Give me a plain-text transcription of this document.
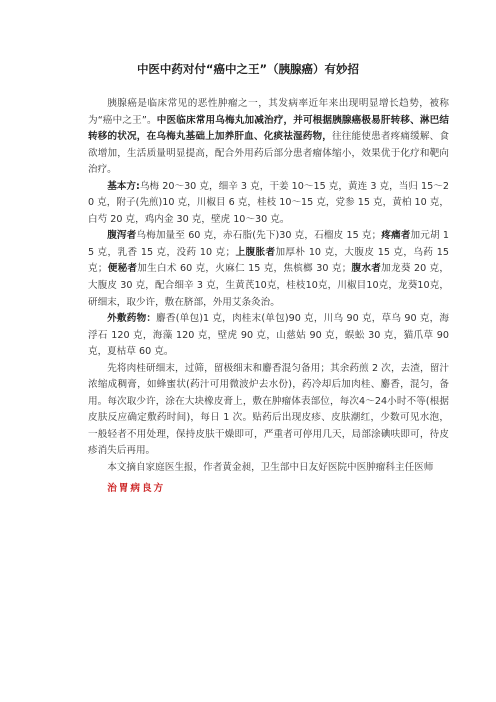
中医中药对付“癌中之王”（胰腺癌）有妙招

胰腺癌是临床常见的恶性肿瘤之一，其发病率近年来出现明显增长趋势，被称为“癌中之王”。中医临床常用乌梅丸加减治疗，并可根据胰腺癌极易肝转移、淋巴结转移的状况，在乌梅丸基础上加养肝血、化痰祛湿药物，往往能使患者疼痛缓解、食欲增加，生活质量明显提高，配合外用药后部分患者瘤体缩小，效果优于化疗和靶向治疗。

基本方:乌梅 20～30 克，细辛 3 克，干姜 10～15 克，黄连 3 克，当归 15～20 克，附子(先煎)10 克，川椒目 6 克，桂枝 10～15 克，党参 15 克，黄柏 10 克，白芍 20 克，鸡内金 30 克，壁虎 10～30 克。

腹泻者乌梅加量至 60 克，赤石脂(先下)30 克，石榴皮 15 克；疼痛者加元胡 15 克，乳香 15 克，没药 10 克；上腹胀者加厚朴 10 克，大腹皮 15 克，乌药 15 克；便秘者加生白术 60 克，火麻仁 15 克，焦槟榔 30 克；腹水者加龙葵 20 克，大腹皮 30 克，配合细辛 3 克，生黄芪10克，桂枝10克，川椒目10克，龙葵10克，研细末，取少许，敷在脐部，外用艾条灸治。

外敷药物：麝香(单包)1 克，肉桂末(单包)90 克，川乌 90 克，草乌 90 克，海浮石 120 克，海藻 120 克，壁虎 90 克，山慈姑 90 克，蜈蚣 30 克，猫爪草 90 克，夏枯草 60 克。

先将肉桂研细末，过筛，留极细末和麝香混匀备用；其余药煎 2 次，去渣，留汁浓缩成稠膏，如蜂蜜状(药汁可用微波炉去水份)，药冷却后加肉桂、麝香，混匀，备用。每次取少许，涂在大块橡皮膏上，敷在肿瘤体表部位，每次4～24小时不等(根据皮肤反应确定敷药时间)，每日 1 次。贴药后出现皮疹、皮肤潮红，少数可见水泡，一般轻者不用处理，保持皮肤干燥即可，严重者可停用几天，局部涂碘呋即可，待皮疹消失后再用。

本文摘自家庭医生报，作者黄金昶，卫生部中日友好医院中医肿瘤科主任医师

治胃病良方
